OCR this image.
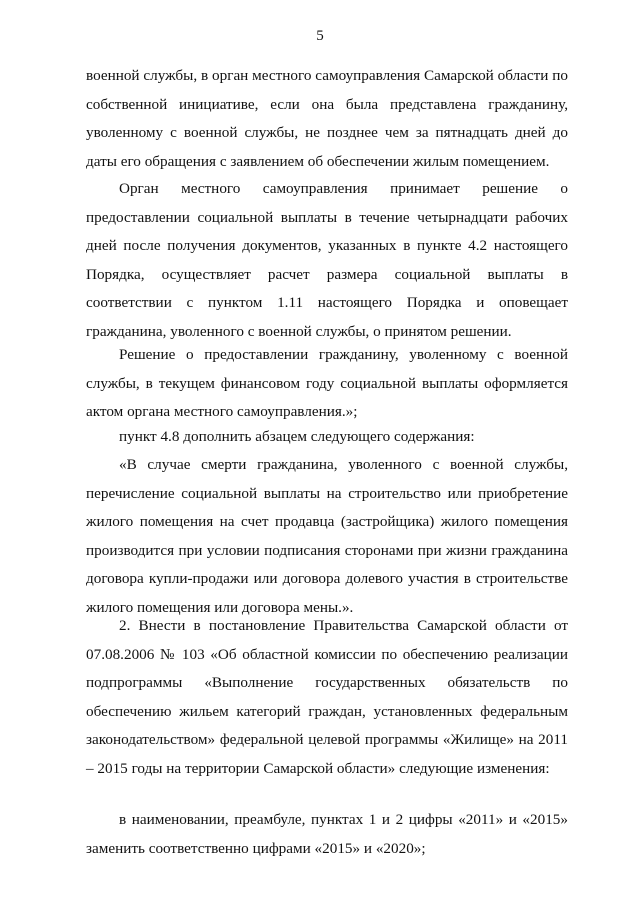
5

военной службы, в орган местного самоуправления Самарской области по собственной инициативе, если она была представлена гражданину, уволенному с военной службы, не позднее чем за пятнадцать дней до даты его обращения с заявлением об обеспечении жилым помещением.

Орган местного самоуправления принимает решение о предоставлении социальной выплаты в течение четырнадцати рабочих дней после получения документов, указанных в пункте 4.2 настоящего Порядка, осуществляет расчет размера социальной выплаты в соответствии с пунктом 1.11 настоящего Порядка и оповещает гражданина, уволенного с военной службы, о принятом решении.

Решение о предоставлении гражданину, уволенному с военной службы, в текущем финансовом году социальной выплаты оформляется актом органа местного самоуправления.»;

пункт 4.8 дополнить абзацем следующего содержания:

«В случае смерти гражданина, уволенного с военной службы, перечисление социальной выплаты на строительство или приобретение жилого помещения на счет продавца (застройщика) жилого помещения производится при условии подписания сторонами при жизни гражданина договора купли-продажи или договора долевого участия в строительстве жилого помещения или договора мены.».

2. Внести в постановление Правительства Самарской области от 07.08.2006 № 103 «Об областной комиссии по обеспечению реализации подпрограммы «Выполнение государственных обязательств по обеспечению жильем категорий граждан, установленных федеральным законодательством» федеральной целевой программы «Жилище» на 2011 – 2015 годы на территории Самарской области» следующие изменения:

в наименовании, преамбуле, пунктах 1 и 2 цифры «2011» и «2015» заменить соответственно цифрами «2015» и «2020»;
